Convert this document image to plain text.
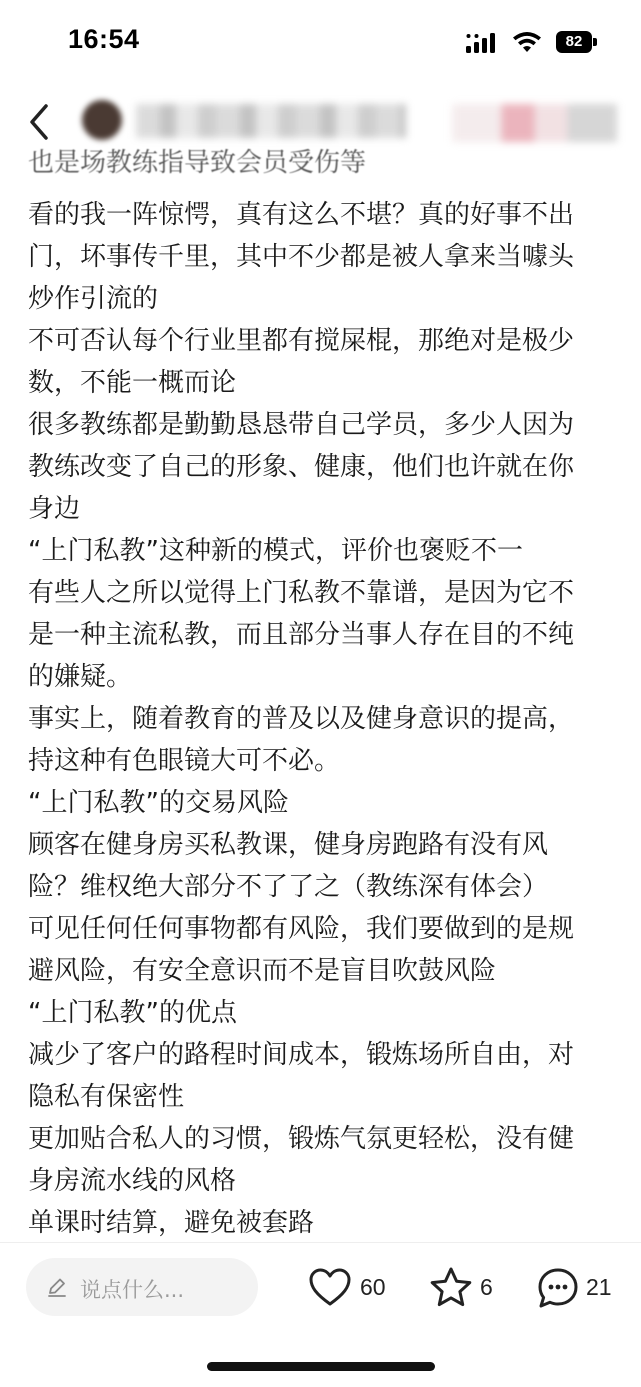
16:54	82
也是场教练指导致会员受伤等
看的我一阵惊愕，真有这么不堪？真的好事不出
门，坏事传千里，其中不少都是被人拿来当噱头
炒作引流的
不可否认每个行业里都有搅屎棍，那绝对是极少
数，不能一概而论
很多教练都是勤勤恳恳带自己学员，多少人因为
教练改变了自己的形象、健康，他们也许就在你
身边
“上门私教”这种新的模式，评价也褒贬不一
有些人之所以觉得上门私教不靠谱，是因为它不
是一种主流私教，而且部分当事人存在目的不纯
的嫌疑。
事实上，随着教育的普及以及健身意识的提高，
持这种有色眼镜大可不必。
“上门私教”的交易风险
顾客在健身房买私教课，健身房跑路有没有风
险？维权绝大部分不了了之（教练深有体会）
可见任何任何事物都有风险，我们要做到的是规
避风险，有安全意识而不是盲目吹鼓风险
“上门私教”的优点
减少了客户的路程时间成本，锻炼场所自由，对
隐私有保密性
更加贴合私人的习惯，锻炼气氛更轻松，没有健
身房流水线的风格
单课时结算，避免被套路
说点什么...	60	6	21
